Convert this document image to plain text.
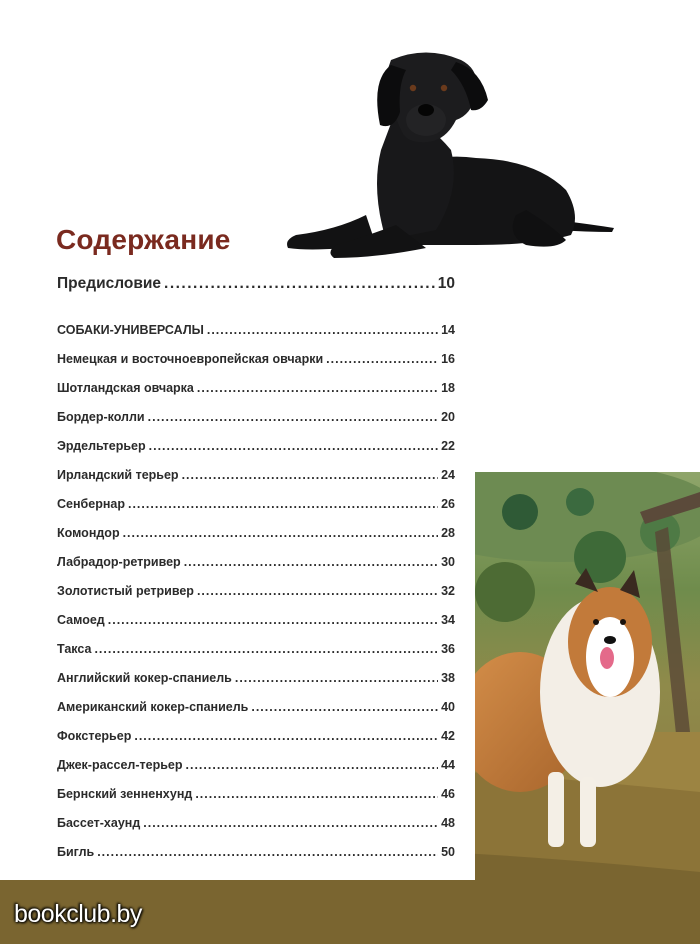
Содержание
Предисловие .....	10
СОБАКИ-УНИВЕРСАЛЫ .....	14
Немецкая и восточноевропейская овчарки .....	16
Шотландская овчарка .....	18
Бордер-колли .....	20
Эрдельтерьер .....	22
Ирландский терьер .....	24
Сенбернар .....	26
Комондор .....	28
Лабрадор-ретривер .....	30
Золотистый ретривер .....	32
Самоед .....	34
Такса .....	36
Английский кокер-спаниель .....	38
Американский кокер-спаниель .....	40
Фокстерьер .....	42
Джек-рассел-терьер .....	44
Бернский зенненхунд .....	46
Бассет-хаунд .....	48
Бигль .....	50
bookclub.by
